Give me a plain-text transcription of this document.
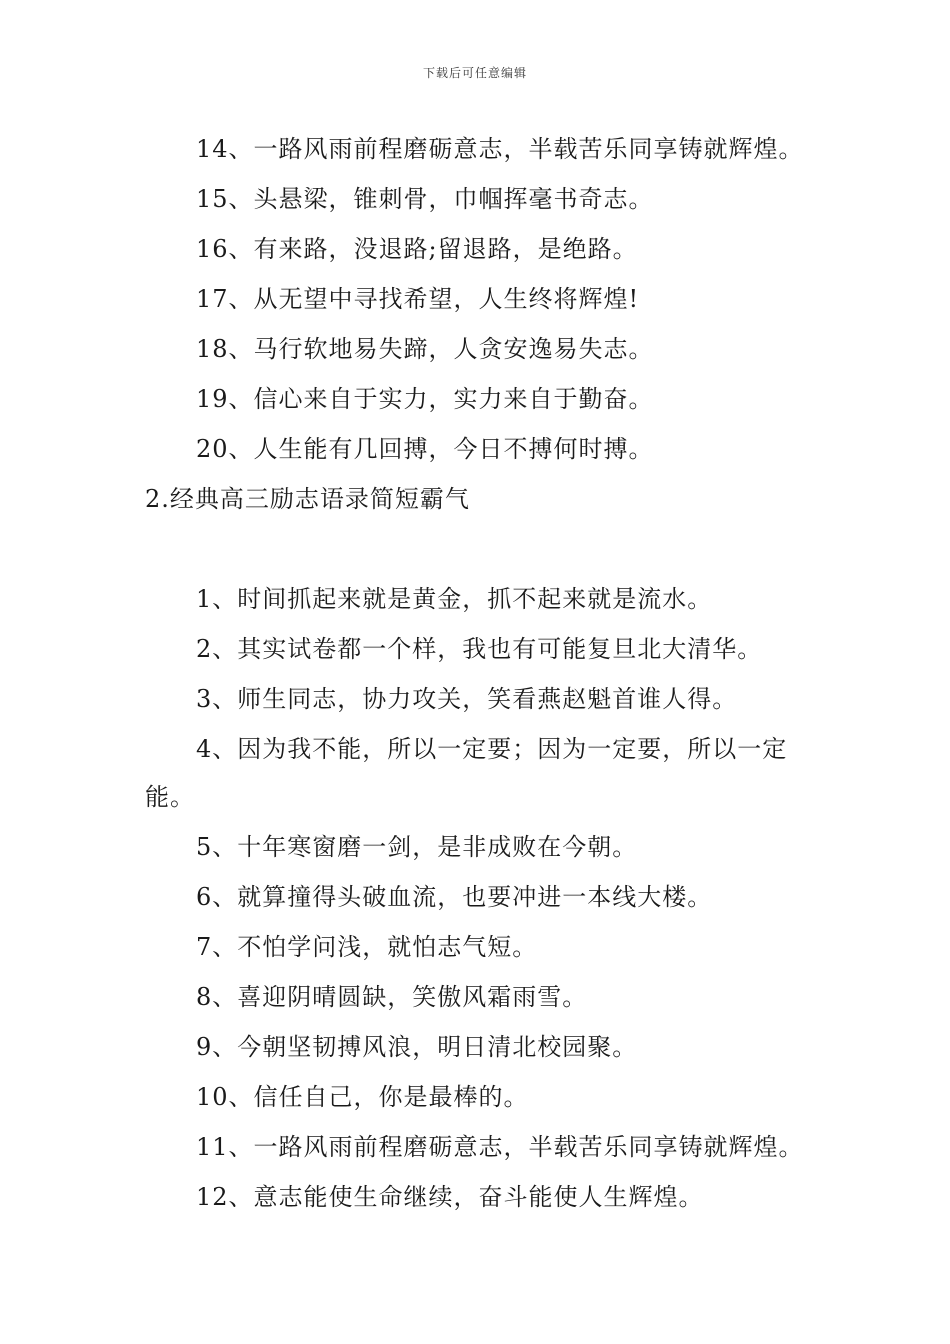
下载后可任意编辑
14、一路风雨前程磨砺意志，半载苦乐同享铸就辉煌。
15、头悬梁，锥刺骨，巾帼挥毫书奇志。
16、有来路，没退路;留退路，是绝路。
17、从无望中寻找希望，人生终将辉煌!
18、马行软地易失蹄，人贪安逸易失志。
19、信心来自于实力，实力来自于勤奋。
20、人生能有几回搏，今日不搏何时搏。
2.经典高三励志语录简短霸气
1、时间抓起来就是黄金，抓不起来就是流水。
2、其实试卷都一个样，我也有可能复旦北大清华。
3、师生同志，协力攻关，笑看燕赵魁首谁人得。
4、因为我不能，所以一定要；因为一定要，所以一定
能。
5、十年寒窗磨一剑，是非成败在今朝。
6、就算撞得头破血流，也要冲进一本线大楼。
7、不怕学问浅，就怕志气短。
8、喜迎阴晴圆缺，笑傲风霜雨雪。
9、今朝坚韧搏风浪，明日清北校园聚。
10、信任自己，你是最棒的。
11、一路风雨前程磨砺意志，半载苦乐同享铸就辉煌。
12、意志能使生命继续，奋斗能使人生辉煌。
